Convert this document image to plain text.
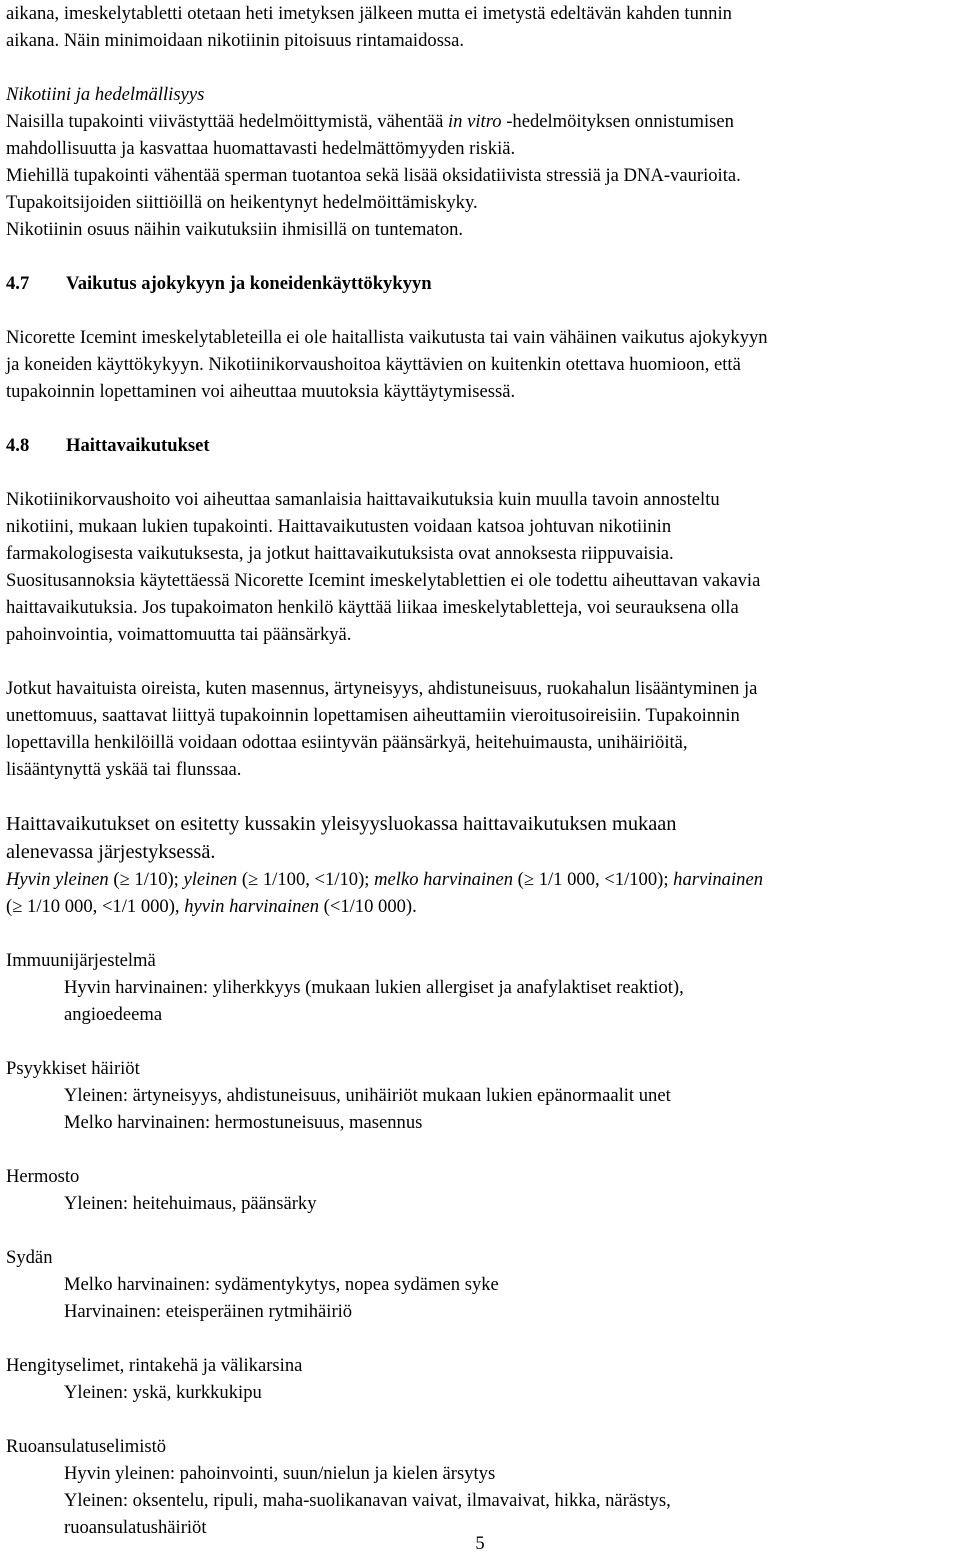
aikana, imeskelytabletti otetaan heti imetyksen jälkeen mutta ei imetystä edeltävän kahden tunnin

aikana. Näin minimoidaan nikotiinin pitoisuus rintamaidossa.

Nikotiini ja hedelmällisyys

Naisilla tupakointi viivästyttää hedelmöittymistä, vähentää in vitro -hedelmöityksen onnistumisen

mahdollisuutta ja kasvattaa huomattavasti hedelmättömyyden riskiä.

Miehillä tupakointi vähentää sperman tuotantoa sekä lisää oksidatiivista stressiä ja DNA-vaurioita.

Tupakoitsijoiden siittiöillä on heikentynyt hedelmöittämiskyky.

Nikotiinin osuus näihin vaikutuksiin ihmisillä on tuntematon.

4.7 Vaikutus ajokykyyn ja koneidenkäyttökykyyn

Nicorette Icemint imeskelytableteilla ei ole haitallista vaikutusta tai vain vähäinen vaikutus ajokykyyn

ja koneiden käyttökykyyn. Nikotiinikorvaushoitoa käyttävien on kuitenkin otettava huomioon, että

tupakoinnin lopettaminen voi aiheuttaa muutoksia käyttäytymisessä.

4.8 Haittavaikutukset

Nikotiinikorvaushoito voi aiheuttaa samanlaisia haittavaikutuksia kuin muulla tavoin annosteltu

nikotiini, mukaan lukien tupakointi. Haittavaikutusten voidaan katsoa johtuvan nikotiinin

farmakologisesta vaikutuksesta, ja jotkut haittavaikutuksista ovat annoksesta riippuvaisia.

Suositusannoksia käytettäessä Nicorette Icemint imeskelytablettien ei ole todettu aiheuttavan vakavia

haittavaikutuksia. Jos tupakoimaton henkilö käyttää liikaa imeskelytabletteja, voi seurauksena olla

pahoinvointia, voimattomuutta tai päänsärkyä.

Jotkut havaituista oireista, kuten masennus, ärtyneisyys, ahdistuneisuus, ruokahalun lisääntyminen ja

unettomuus, saattavat liittyä tupakoinnin lopettamisen aiheuttamiin vieroitusoireisiin. Tupakoinnin

lopettavilla henkilöillä voidaan odottaa esiintyvän päänsärkyä, heitehuimausta, unihäiriöitä,

lisääntynyttä yskää tai flunssaa.

Haittavaikutukset on esitetty kussakin yleisyysluokassa haittavaikutuksen mukaan

alenevassa järjestyksessä.

Hyvin yleinen (≥ 1/10); yleinen (≥ 1/100, <1/10); melko harvinainen (≥ 1/1 000, <1/100); harvinainen

(≥ 1/10 000, <1/1 000), hyvin harvinainen (<1/10 000).

Immuunijärjestelmä

Hyvin harvinainen: yliherkkyys (mukaan lukien allergiset ja anafylaktiset reaktiot),

angioedeema

Psyykkiset häiriöt

Yleinen: ärtyneisyys, ahdistuneisuus, unihäiriöt mukaan lukien epänormaalit unet

Melko harvinainen: hermostuneisuus, masennus

Hermosto

Yleinen: heitehuimaus, päänsärky

Sydän

Melko harvinainen: sydämentykytys, nopea sydämen syke

Harvinainen: eteisperäinen rytmihäiriö

Hengityselimet, rintakehä ja välikarsina

Yleinen: yskä, kurkkukipu

Ruoansulatuselimistö

Hyvin yleinen: pahoinvointi, suun/nielun ja kielen ärsytys

Yleinen: oksentelu, ripuli, maha-suolikanavan vaivat, ilmavaivat, hikka, närästys,

ruoansulatushäiriöt

5
